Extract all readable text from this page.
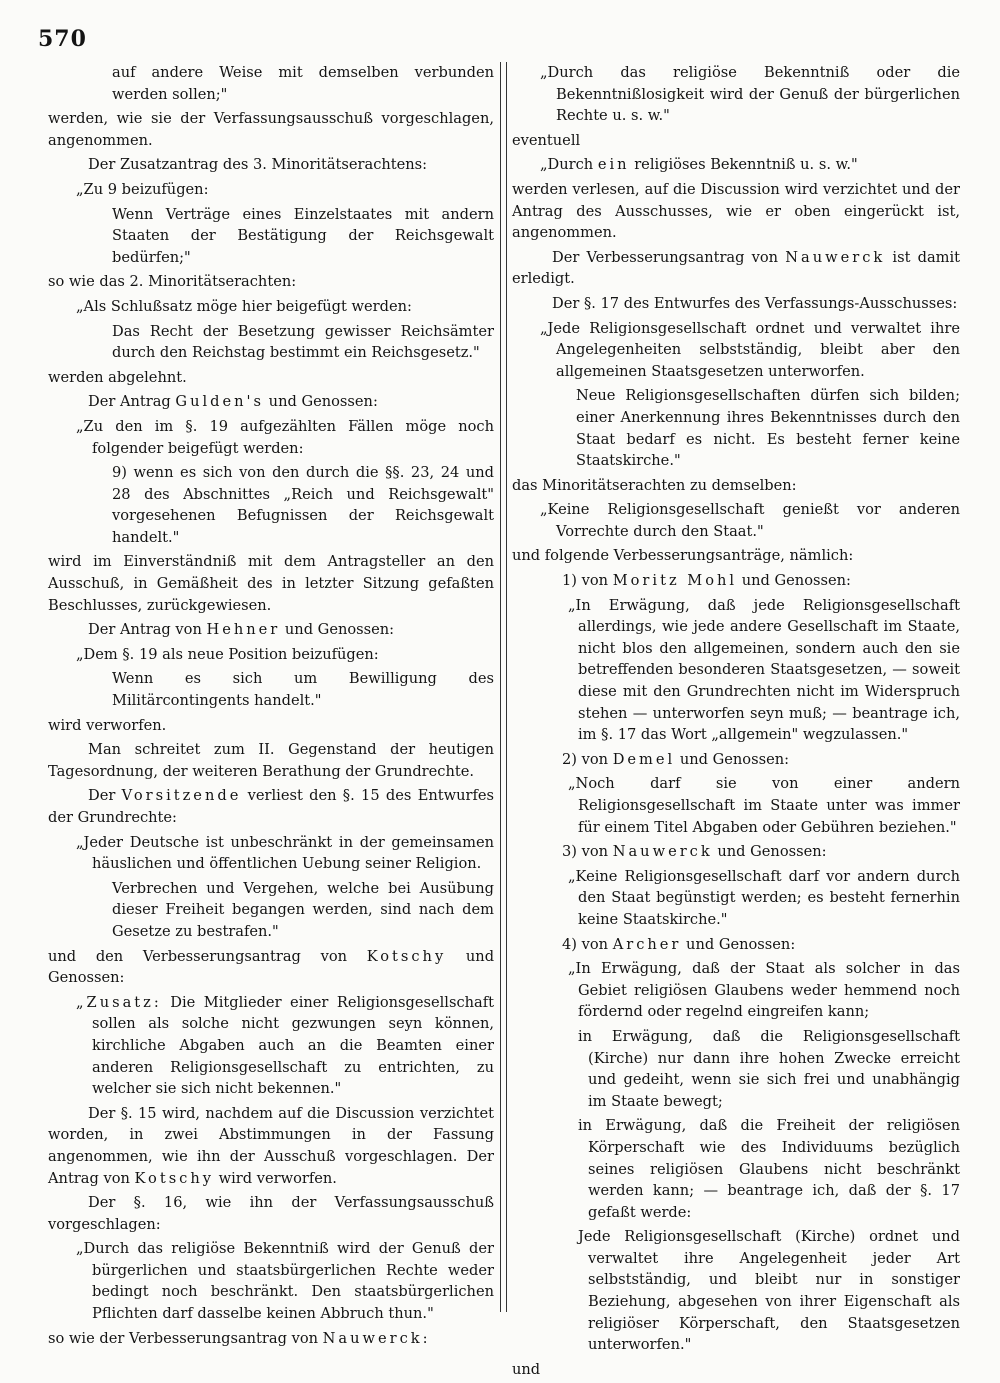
570

auf andere Weise mit demselben verbunden werden sollen;"

werden, wie sie der Verfassungsausschuß vorgeschlagen, angenommen.

Der Zusatzantrag des 3. Minoritätserachtens:

„Zu 9 beizufügen:

Wenn Verträge eines Einzelstaates mit andern Staaten der Bestätigung der Reichsgewalt bedürfen;"

so wie das 2. Minoritätserachten:

„Als Schlußsatz möge hier beigefügt werden:

Das Recht der Besetzung gewisser Reichsämter durch den Reichstag bestimmt ein Reichsgesetz."

werden abgelehnt.

Der Antrag Gulden's und Genossen:

„Zu den im §. 19 aufgezählten Fällen möge noch folgender beigefügt werden:

9) wenn es sich von den durch die §§. 23, 24 und 28 des Abschnittes „Reich und Reichsgewalt" vorgesehenen Befugnissen der Reichsgewalt handelt."

wird im Einverständniß mit dem Antragsteller an den Ausschuß, in Gemäßheit des in letzter Sitzung gefaßten Beschlusses, zurückgewiesen.

Der Antrag von Hehner und Genossen:

„Dem §. 19 als neue Position beizufügen:

Wenn es sich um Bewilligung des Militärcontingents handelt."

wird verworfen.

Man schreitet zum II. Gegenstand der heutigen Tagesordnung, der weiteren Berathung der Grundrechte.

Der Vorsitzende verliest den §. 15 des Entwurfes der Grundrechte:

„Jeder Deutsche ist unbeschränkt in der gemeinsamen häuslichen und öffentlichen Uebung seiner Religion.

Verbrechen und Vergehen, welche bei Ausübung dieser Freiheit begangen werden, sind nach dem Gesetze zu bestrafen."

und den Verbesserungsantrag von Kotschy und Genossen:

„Zusatz: Die Mitglieder einer Religionsgesellschaft sollen als solche nicht gezwungen seyn können, kirchliche Abgaben auch an die Beamten einer anderen Religionsgesellschaft zu entrichten, zu welcher sie sich nicht bekennen."

Der §. 15 wird, nachdem auf die Discussion verzichtet worden, in zwei Abstimmungen in der Fassung angenommen, wie ihn der Ausschuß vorgeschlagen. Der Antrag von Kotschy wird verworfen.

Der §. 16, wie ihn der Verfassungsausschuß vorgeschlagen:

„Durch das religiöse Bekenntniß wird der Genuß der bürgerlichen und staatsbürgerlichen Rechte weder bedingt noch beschränkt. Den staatsbürgerlichen Pflichten darf dasselbe keinen Abbruch thun."

so wie der Verbesserungsantrag von Nauwerck:

„Durch das religiöse Bekenntniß oder die Bekenntnißlosigkeit wird der Genuß der bürgerlichen Rechte u. s. w."

eventuell

„Durch ein religiöses Bekenntniß u. s. w."

werden verlesen, auf die Discussion wird verzichtet und der Antrag des Ausschusses, wie er oben eingerückt ist, angenommen.

Der Verbesserungsantrag von Nauwerck ist damit erledigt.

Der §. 17 des Entwurfes des Verfassungs-Ausschusses:

„Jede Religionsgesellschaft ordnet und verwaltet ihre Angelegenheiten selbstständig, bleibt aber den allgemeinen Staatsgesetzen unterworfen.

Neue Religionsgesellschaften dürfen sich bilden; einer Anerkennung ihres Bekenntnisses durch den Staat bedarf es nicht. Es besteht ferner keine Staatskirche."

das Minoritätserachten zu demselben:

„Keine Religionsgesellschaft genießt vor anderen Vorrechte durch den Staat."

und folgende Verbesserungsanträge, nämlich:

1) von Moritz Mohl und Genossen:

„In Erwägung, daß jede Religionsgesellschaft allerdings, wie jede andere Gesellschaft im Staate, nicht blos den allgemeinen, sondern auch den sie betreffenden besonderen Staatsgesetzen, — soweit diese mit den Grundrechten nicht im Widerspruch stehen — unterworfen seyn muß; — beantrage ich, im §. 17 das Wort „allgemein" wegzulassen."

2) von Demel und Genossen:

„Noch darf sie von einer andern Religionsgesellschaft im Staate unter was immer für einem Titel Abgaben oder Gebühren beziehen."

3) von Nauwerck und Genossen:

„Keine Religionsgesellschaft darf vor andern durch den Staat begünstigt werden; es besteht fernerhin keine Staatskirche."

4) von Archer und Genossen:

„In Erwägung, daß der Staat als solcher in das Gebiet religiösen Glaubens weder hemmend noch fördernd oder regelnd eingreifen kann;

in Erwägung, daß die Religionsgesellschaft (Kirche) nur dann ihre hohen Zwecke erreicht und gedeiht, wenn sie sich frei und unabhängig im Staate bewegt;

in Erwägung, daß die Freiheit der religiösen Körperschaft wie des Individuums bezüglich seines religiösen Glaubens nicht beschränkt werden kann; — beantrage ich, daß der §. 17 gefaßt werde:

Jede Religionsgesellschaft (Kirche) ordnet und verwaltet ihre Angelegenheit jeder Art selbstständig, und bleibt nur in sonstiger Beziehung, abgesehen von ihrer Eigenschaft als religiöser Körperschaft, den Staatsgesetzen unterworfen."

und
